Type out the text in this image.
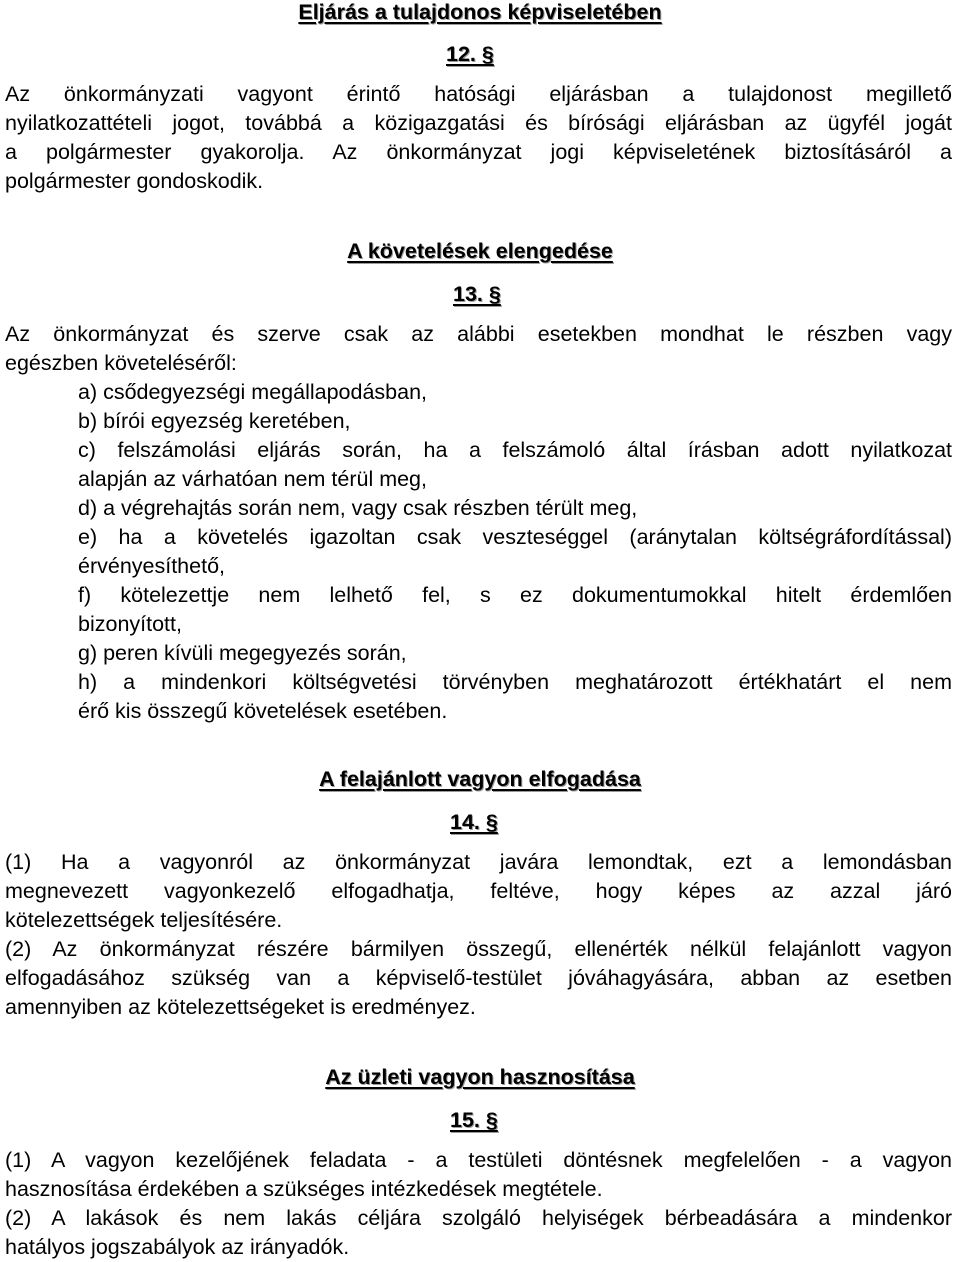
Eljárás a tulajdonos képviseletében
12. §
Az önkormányzati vagyont érintő hatósági eljárásban a tulajdonost megillető
nyilatkozattételi jogot, továbbá a közigazgatási és bírósági eljárásban az ügyfél jogát
a polgármester gyakorolja. Az önkormányzat jogi képviseletének biztosításáról a
polgármester gondoskodik.
A követelések elengedése
13. §
Az önkormányzat és szerve csak az alábbi esetekben mondhat le részben vagy
egészben követeléséről:
a) csődegyezségi megállapodásban,
b) bírói egyezség keretében,
c) felszámolási eljárás során, ha a felszámoló által írásban adott nyilatkozat
alapján az várhatóan nem térül meg,
d) a végrehajtás során nem, vagy csak részben térült meg,
e) ha a követelés igazoltan csak veszteséggel (aránytalan költségráfordítással)
érvényesíthető,
f) kötelezettje nem lelhető fel, s ez dokumentumokkal hitelt érdemlően
bizonyított,
g) peren kívüli megegyezés során,
h) a mindenkori költségvetési törvényben meghatározott értékhatárt el nem
érő kis összegű követelések esetében.
A felajánlott vagyon elfogadása
14. §
(1) Ha a vagyonról az önkormányzat javára lemondtak, ezt a lemondásban
megnevezett vagyonkezelő elfogadhatja, feltéve, hogy képes az azzal járó
kötelezettségek teljesítésére.
(2) Az önkormányzat részére bármilyen összegű, ellenérték nélkül felajánlott vagyon
elfogadásához szükség van a képviselő-testület jóváhagyására, abban az esetben
amennyiben az kötelezettségeket is eredményez.
Az üzleti vagyon hasznosítása
15. §
(1) A vagyon kezelőjének feladata - a testületi döntésnek megfelelően - a vagyon
hasznosítása érdekében a szükséges intézkedések megtétele.
(2) A lakások és nem lakás céljára szolgáló helyiségek bérbeadására a mindenkor
hatályos jogszabályok az irányadók.
